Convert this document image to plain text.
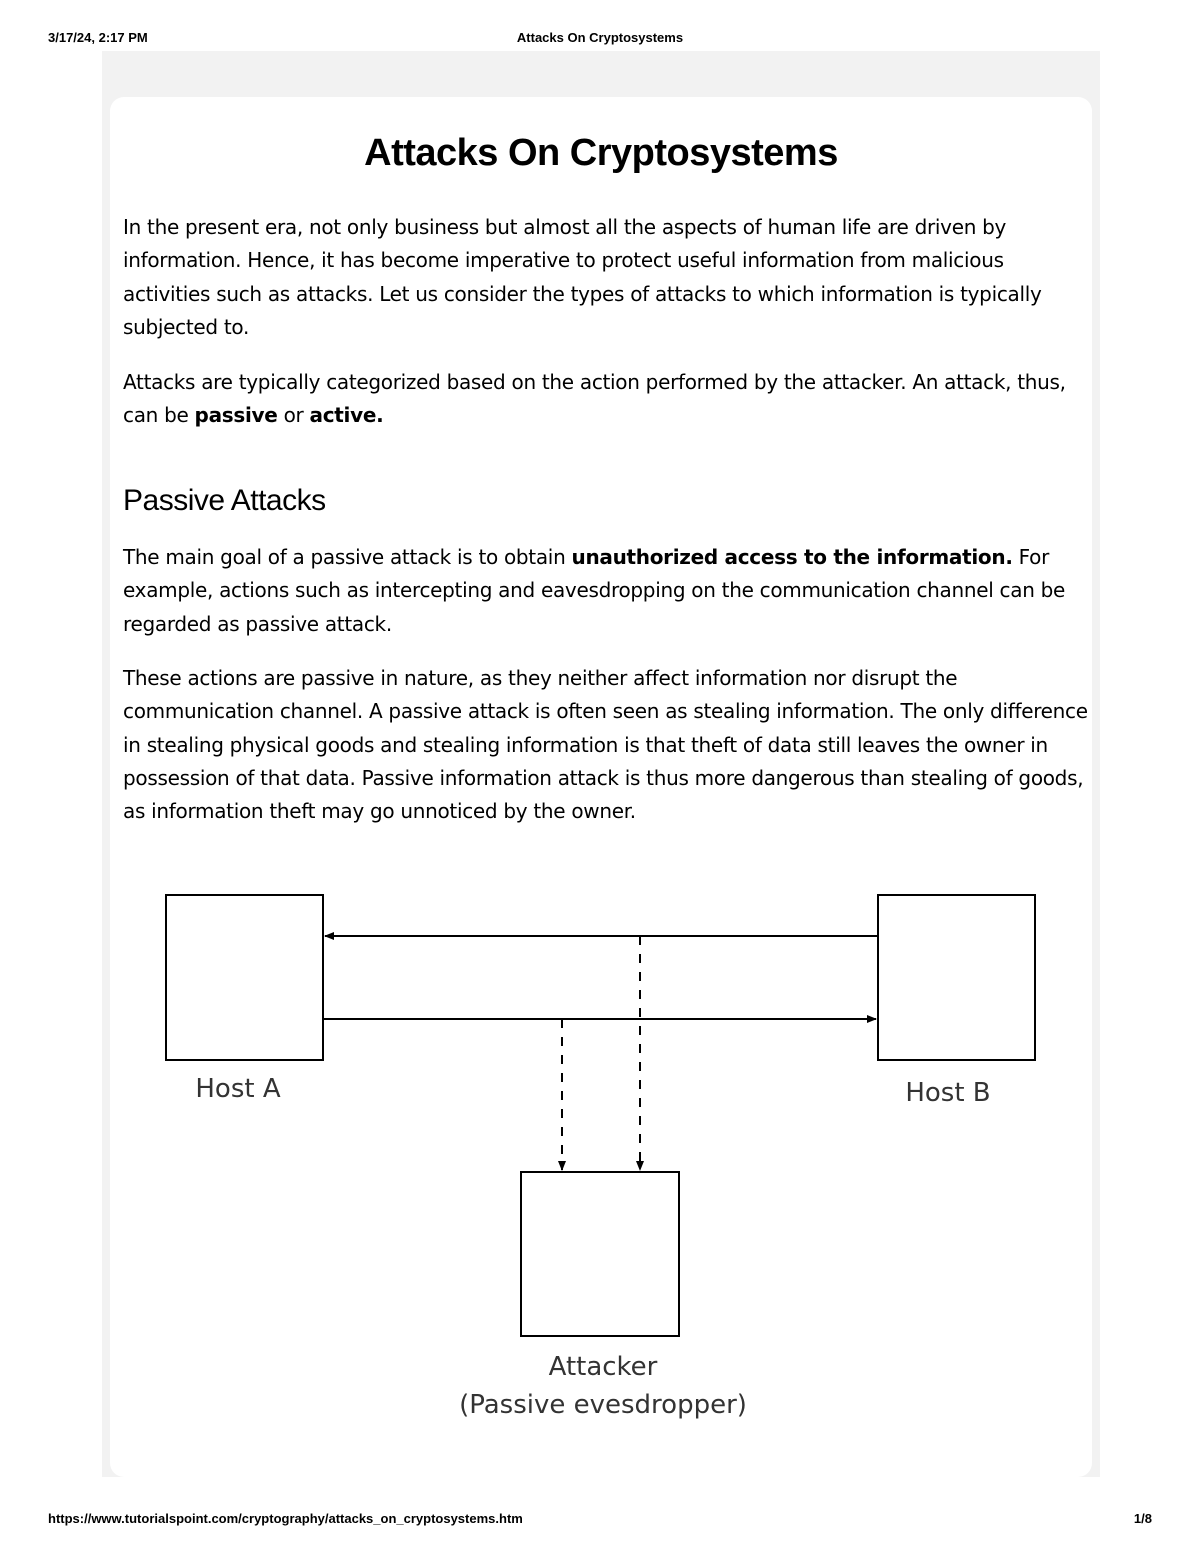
3/17/24, 2:17 PM	Attacks On Cryptosystems
Attacks On Cryptosystems

In the present era, not only business but almost all the aspects of human life are driven by information. Hence, it has become imperative to protect useful information from malicious activities such as attacks. Let us consider the types of attacks to which information is typically subjected to.

Attacks are typically categorized based on the action performed by the attacker. An attack, thus, can be passive or active.

Passive Attacks

The main goal of a passive attack is to obtain unauthorized access to the information. For example, actions such as intercepting and eavesdropping on the communication channel can be regarded as passive attack.

These actions are passive in nature, as they neither affect information nor disrupt the communication channel. A passive attack is often seen as stealing information. The only difference in stealing physical goods and stealing information is that theft of data still leaves the owner in possession of that data. Passive information attack is thus more dangerous than stealing of goods, as information theft may go unnoticed by the owner.

Host A	Host B
Attacker
(Passive evesdropper)
https://www.tutorialspoint.com/cryptography/attacks_on_cryptosystems.htm	1/8
